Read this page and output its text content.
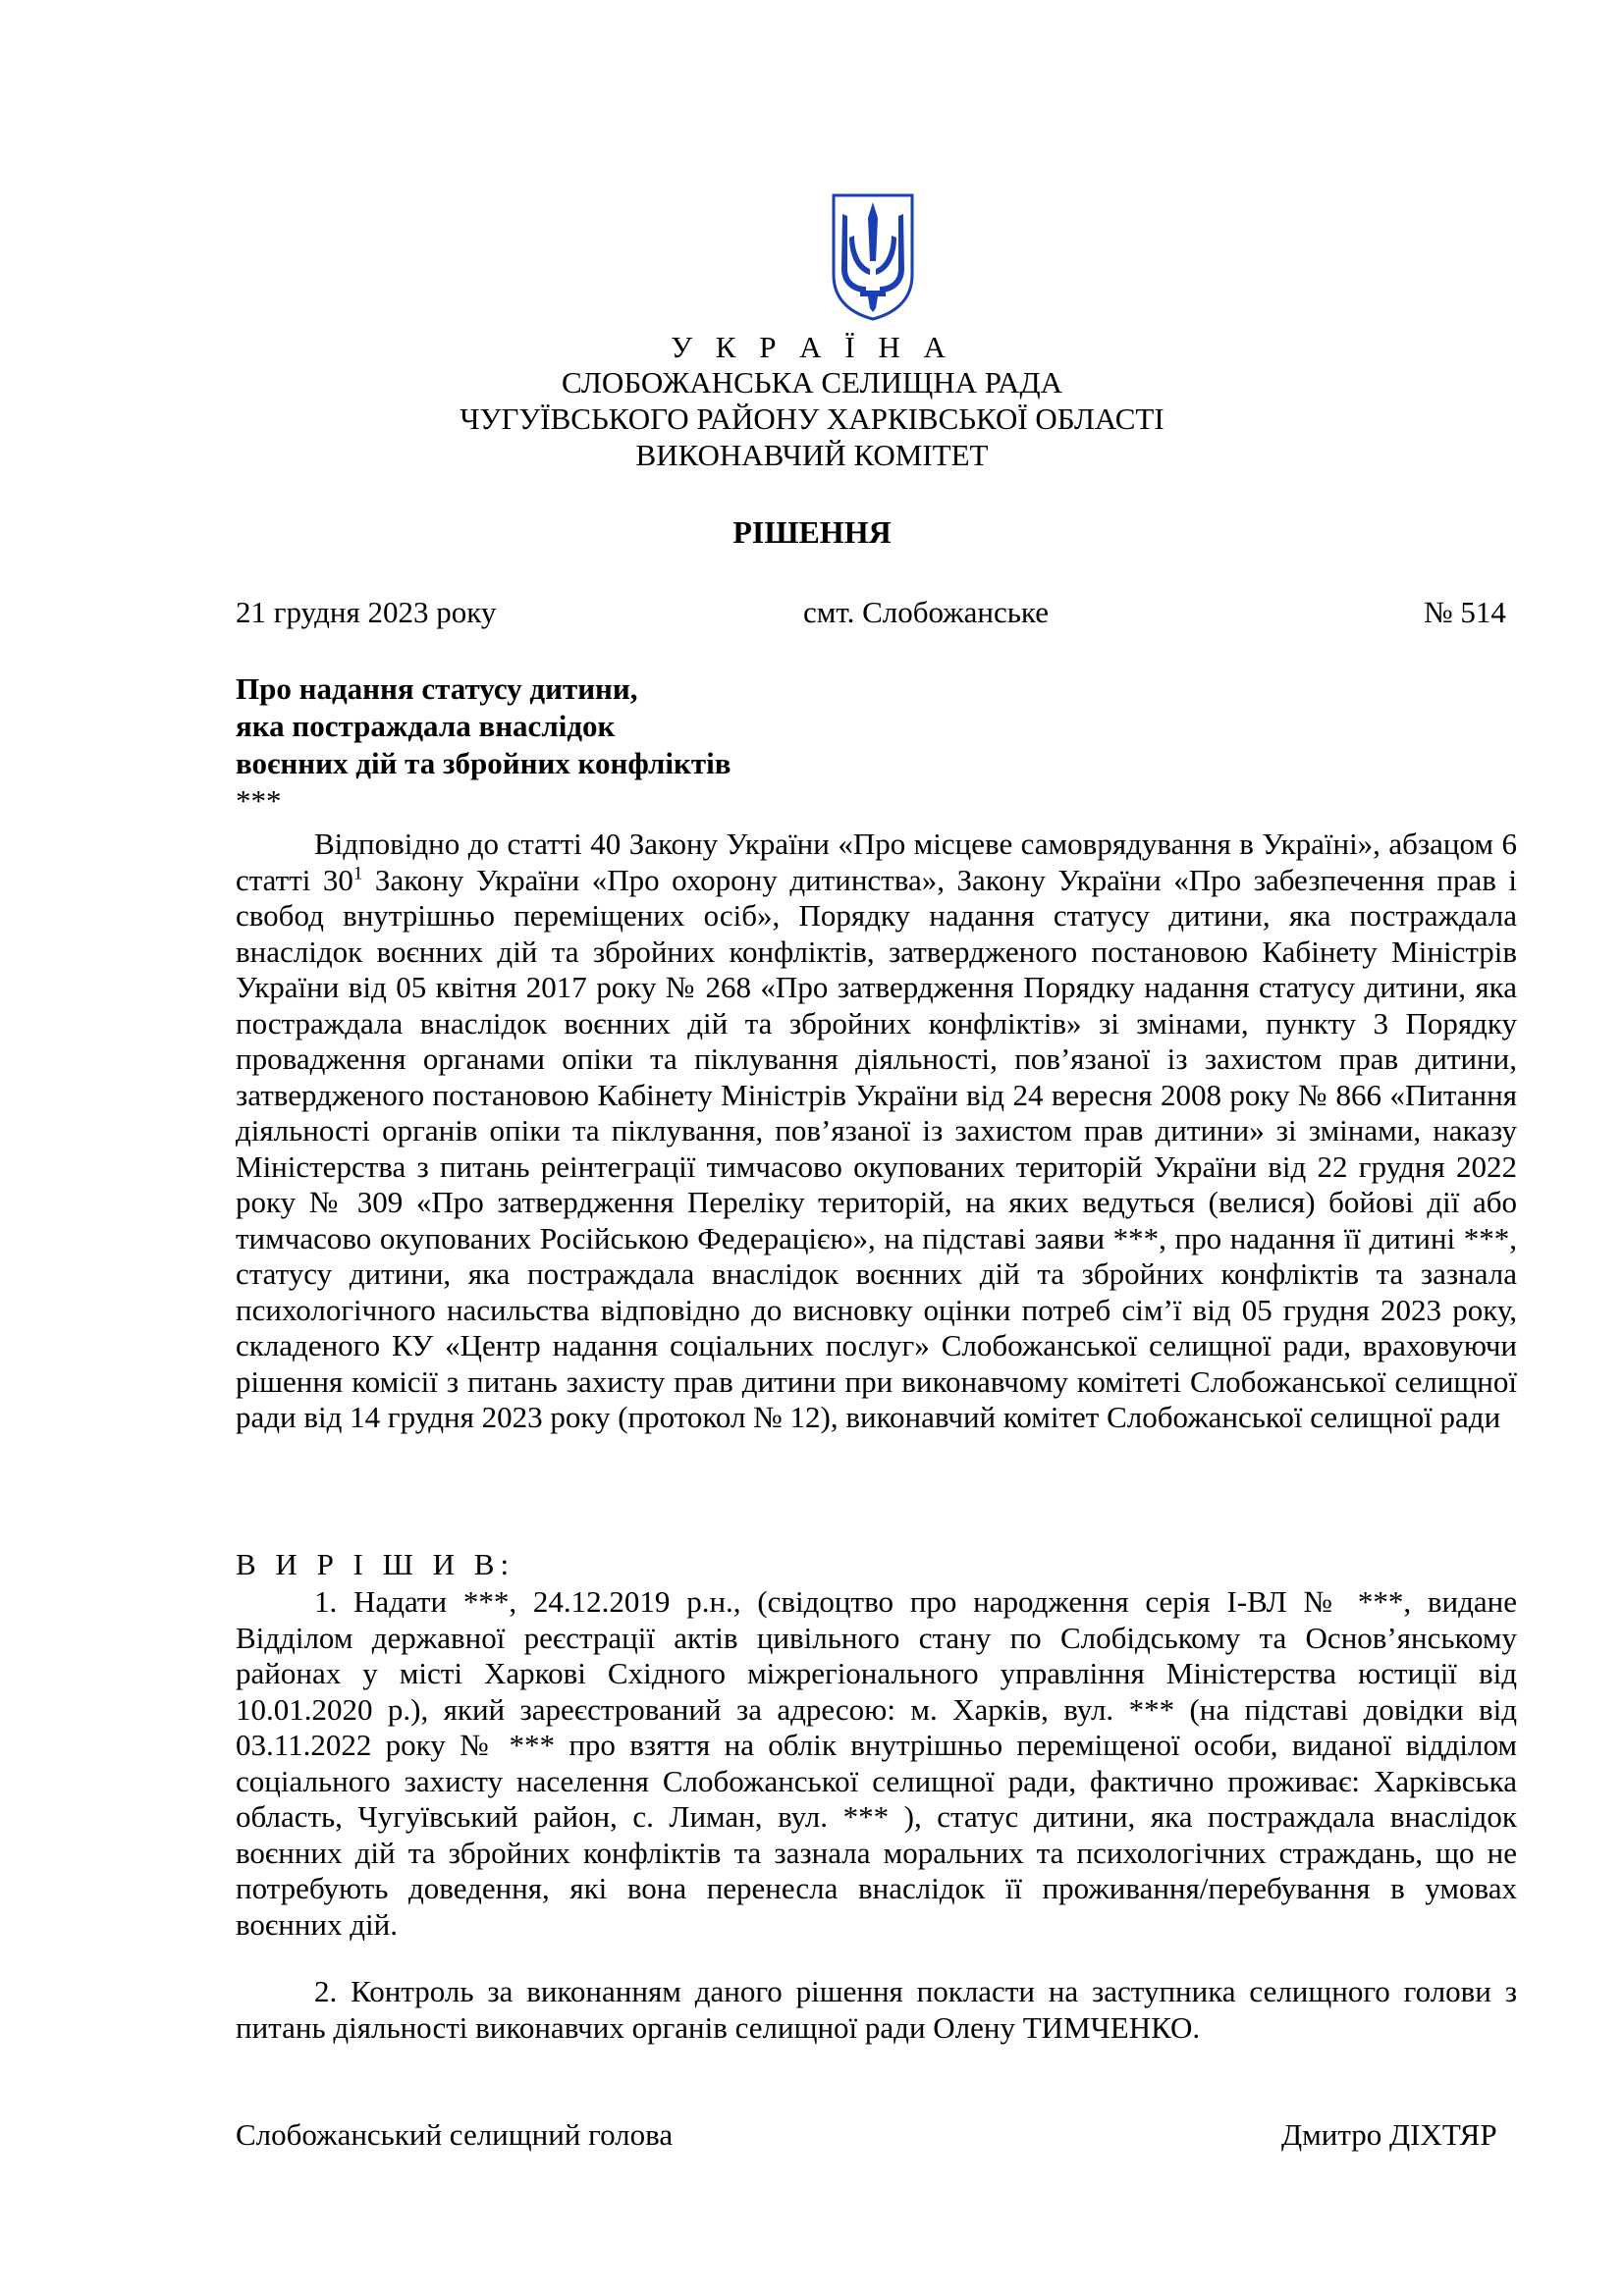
У К Р А Ї Н А
СЛОБОЖАНСЬКА СЕЛИЩНА РАДА
ЧУГУЇВСЬКОГО РАЙОНУ ХАРКІВСЬКОЇ ОБЛАСТІ
ВИКОНАВЧИЙ КОМІТЕТ
РІШЕННЯ
21 грудня 2023 року	смт. Слобожанське	№ 514
Про надання статусу дитини,
яка постраждала внаслідок
воєнних дій та збройних конфліктів
***

Відповідно до статті 40 Закону України «Про місцеве самоврядування в Україні», абзацом 6 статті $30^1$ Закону України «Про охорону дитинства», Закону України «Про забезпечення прав і свобод внутрішньо переміщених осіб», Порядку надання статусу дитини, яка постраждала внаслідок воєнних дій та збройних конфліктів, затвердженого постановою Кабінету Міністрів України від 05 квітня 2017 року № 268 «Про затвердження Порядку надання статусу дитини, яка постраждала внаслідок воєнних дій та збройних конфліктів» зі змінами, пункту 3 Порядку провадження органами опіки та піклування діяльності, пов’язаної із захистом прав дитини, затвердженого постановою Кабінету Міністрів України від 24 вересня 2008 року № 866 «Питання діяльності органів опіки та піклування, пов’язаної із захистом прав дитини» зі змінами, наказу Міністерства з питань реінтеграції тимчасово окупованих територій України від 22 грудня 2022 року № 309 «Про затвердження Переліку територій, на яких ведуться (велися) бойові дії або тимчасово окупованих Російською Федерацією», на підставі заяви ***, про надання її дитині ***, статусу дитини, яка постраждала внаслідок воєнних дій та збройних конфліктів та зазнала психологічного насильства відповідно до висновку оцінки потреб сім’ї від 05 грудня 2023 року, складеного КУ «Центр надання соціальних послуг» Слобожанської селищної ради, враховуючи рішення комісії з питань захисту прав дитини при виконавчому комітеті Слобожанської селищної ради від 14 грудня 2023 року (протокол № 12), виконавчий комітет Слобожанської селищної ради

В И Р І Ш И В:

1. Надати ***, 24.12.2019 р.н., (свідоцтво про народження серія І-ВЛ № ***, видане Відділом державної реєстрації актів цивільного стану по Слобідському та Основ’янському районах у місті Харкові Східного міжрегіонального управління Міністерства юстиції від 10.01.2020 р.), який зареєстрований за адресою: м. Харків, вул. *** (на підставі довідки від 03.11.2022 року № *** про взяття на облік внутрішньо переміщеної особи, виданої відділом соціального захисту населення Слобожанської селищної ради, фактично проживає: Харківська область, Чугуївський район, с. Лиман, вул. *** ), статус дитини, яка постраждала внаслідок воєнних дій та збройних конфліктів та зазнала моральних та психологічних страждань, що не потребують доведення, які вона перенесла внаслідок її проживання/перебування в умовах воєнних дій.

2. Контроль за виконанням даного рішення покласти на заступника селищного голови з питань діяльності виконавчих органів селищної ради Олену ТИМЧЕНКО.

Слобожанський селищний голова	Дмитро ДІХТЯР
